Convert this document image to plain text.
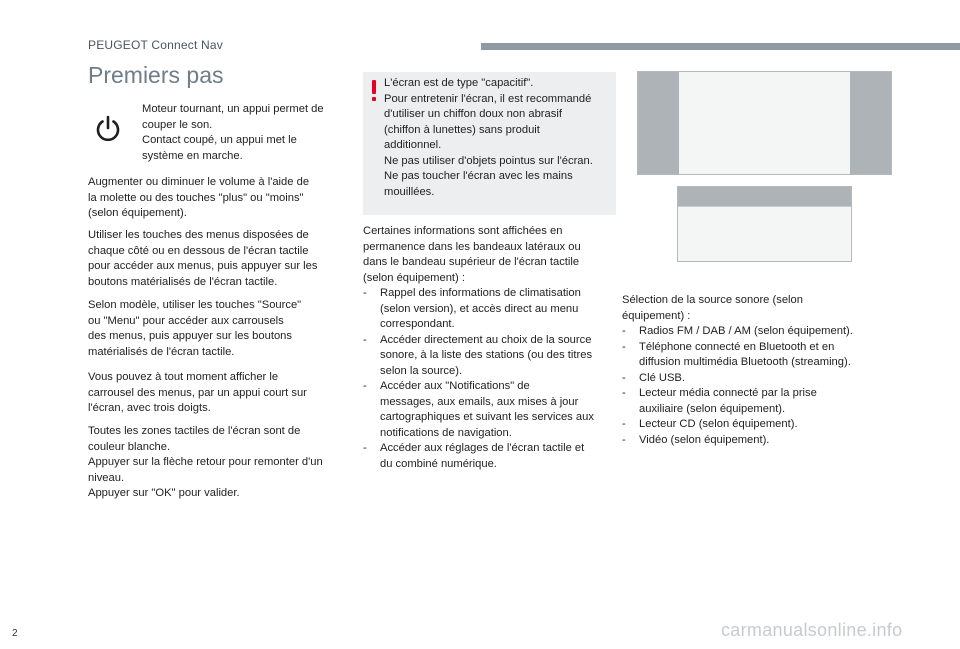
PEUGEOT Connect Nav
Premiers pas

Moteur tournant, un appui permet de
couper le son.
Contact coupé, un appui met le
système en marche.

Augmenter ou diminuer le volume à l'aide de
la molette ou des touches "plus" ou "moins"
(selon équipement).

Utiliser les touches des menus disposées de
chaque côté ou en dessous de l'écran tactile
pour accéder aux menus, puis appuyer sur les
boutons matérialisés de l'écran tactile.

Selon modèle, utiliser les touches "Source"
ou "Menu" pour accéder aux carrousels
des menus, puis appuyer sur les boutons
matérialisés de l'écran tactile.

Vous pouvez à tout moment afficher le
carrousel des menus, par un appui court sur
l'écran, avec trois doigts.

Toutes les zones tactiles de l'écran sont de
couleur blanche.
Appuyer sur la flèche retour pour remonter d'un
niveau.
Appuyer sur "OK" pour valider.

L'écran est de type "capacitif".
Pour entretenir l'écran, il est recommandé
d'utiliser un chiffon doux non abrasif
(chiffon à lunettes) sans produit
additionnel.
Ne pas utiliser d'objets pointus sur l'écran.
Ne pas toucher l'écran avec les mains
mouillées.

Certaines informations sont affichées en
permanence dans les bandeaux latéraux ou
dans le bandeau supérieur de l'écran tactile
(selon équipement) :

- Rappel des informations de climatisation
(selon version), et accès direct au menu
correspondant.
- Accéder directement au choix de la source
sonore, à la liste des stations (ou des titres
selon la source).
- Accéder aux "Notifications" de
messages, aux emails, aux mises à jour
cartographiques et suivant les services aux
notifications de navigation.
- Accéder aux réglages de l'écran tactile et
du combiné numérique.

Sélection de la source sonore (selon
équipement) :

- Radios FM / DAB / AM (selon équipement).
- Téléphone connecté en Bluetooth et en
diffusion multimédia Bluetooth (streaming).
- Clé USB.
- Lecteur média connecté par la prise
auxiliaire (selon équipement).
- Lecteur CD (selon équipement).
- Vidéo (selon équipement).
2	carmanualsonline.info
